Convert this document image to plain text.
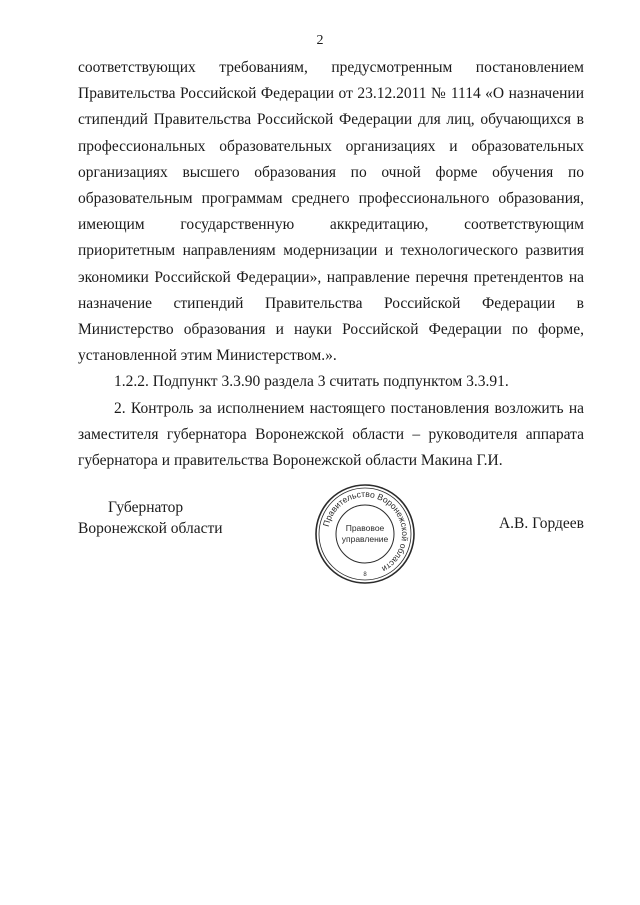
2

соответствующих требованиям, предусмотренным постановлением Правительства Российской Федерации от 23.12.2011 № 1114 «О назначении стипендий Правительства Российской Федерации для лиц, обучающихся в профессиональных образовательных организациях и образовательных организациях высшего образования по очной форме обучения по образовательным программам среднего профессионального образования, имеющим государственную аккредитацию, соответствующим приоритетным направлениям модернизации и технологического развития экономики Российской Федерации», направление перечня претендентов на назначение стипендий Правительства Российской Федерации в Министерство образования и науки Российской Федерации по форме, установленной этим Министерством.».

1.2.2. Подпункт 3.3.90 раздела 3 считать подпунктом 3.3.91.

2. Контроль за исполнением настоящего постановления возложить на заместителя губернатора Воронежской области – руководителя аппарата губернатора и правительства Воронежской области Макина Г.И.

Губернатор
Воронежской области	Правительство Воронежской области
Правовое
управление
8
А.В. Гордеев
